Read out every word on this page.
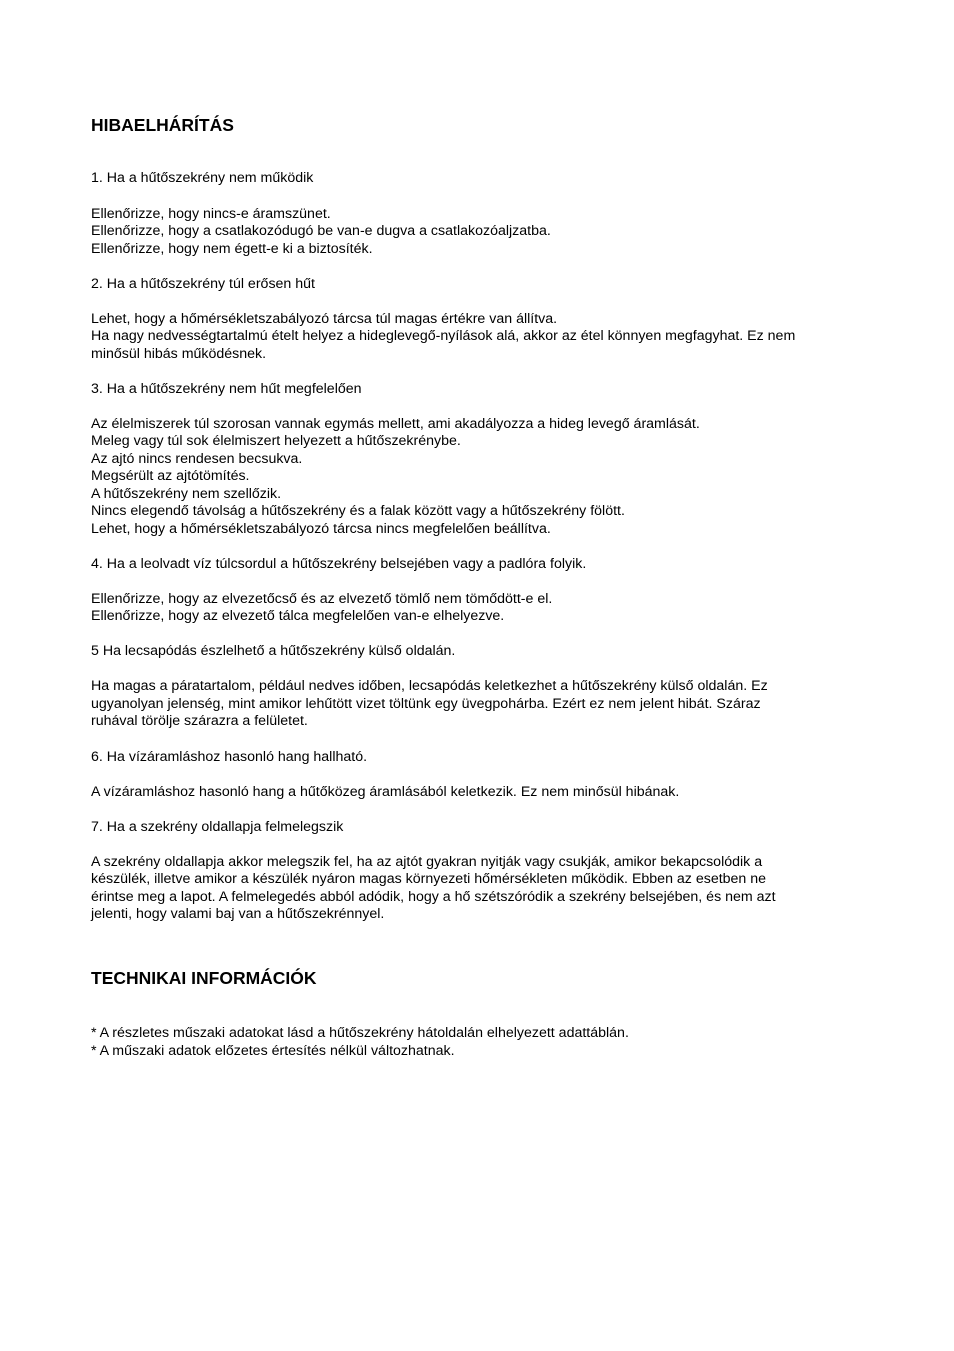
HIBAELHÁRÍTÁS

1. Ha a hűtőszekrény nem működik

Ellenőrizze, hogy nincs-e áramszünet.

Ellenőrizze, hogy a csatlakozódugó be van-e dugva a csatlakozóaljzatba.

Ellenőrizze, hogy nem égett-e ki a biztosíték.

2. Ha a hűtőszekrény túl erősen hűt

Lehet, hogy a hőmérsékletszabályozó tárcsa túl magas értékre van állítva.

Ha nagy nedvességtartalmú ételt helyez a hideglevegő-nyílások alá, akkor az étel könnyen megfagyhat. Ez nem

minősül hibás működésnek.

3. Ha a hűtőszekrény nem hűt megfelelően

Az élelmiszerek túl szorosan vannak egymás mellett, ami akadályozza a hideg levegő áramlását.

Meleg vagy túl sok élelmiszert helyezett a hűtőszekrénybe.

Az ajtó nincs rendesen becsukva.

Megsérült az ajtótömítés.

A hűtőszekrény nem szellőzik.

Nincs elegendő távolság a hűtőszekrény és a falak között vagy a hűtőszekrény fölött.

Lehet, hogy a hőmérsékletszabályozó tárcsa nincs megfelelően beállítva.

4. Ha a leolvadt víz túlcsordul a hűtőszekrény belsejében vagy a padlóra folyik.

Ellenőrizze, hogy az elvezetőcső és az elvezető tömlő nem tömődött-e el.

Ellenőrizze, hogy az elvezető tálca megfelelően van-e elhelyezve.

5 Ha lecsapódás észlelhető a hűtőszekrény külső oldalán.

Ha magas a páratartalom, például nedves időben, lecsapódás keletkezhet a hűtőszekrény külső oldalán. Ez

ugyanolyan jelenség, mint amikor lehűtött vizet töltünk egy üvegpohárba. Ezért ez nem jelent hibát. Száraz

ruhával törölje szárazra a felületet.

6. Ha vízáramláshoz hasonló hang hallható.

A vízáramláshoz hasonló hang a hűtőközeg áramlásából keletkezik. Ez nem minősül hibának.

7. Ha a szekrény oldallapja felmelegszik

A szekrény oldallapja akkor melegszik fel, ha az ajtót gyakran nyitják vagy csukják, amikor bekapcsolódik a

készülék, illetve amikor a készülék nyáron magas környezeti hőmérsékleten működik. Ebben az esetben ne

érintse meg a lapot. A felmelegedés abból adódik, hogy a hő szétszóródik a szekrény belsejében, és nem azt

jelenti, hogy valami baj van a hűtőszekrénnyel.

TECHNIKAI INFORMÁCIÓK

* A részletes műszaki adatokat lásd a hűtőszekrény hátoldalán elhelyezett adattáblán.

* A műszaki adatok előzetes értesítés nélkül változhatnak.
